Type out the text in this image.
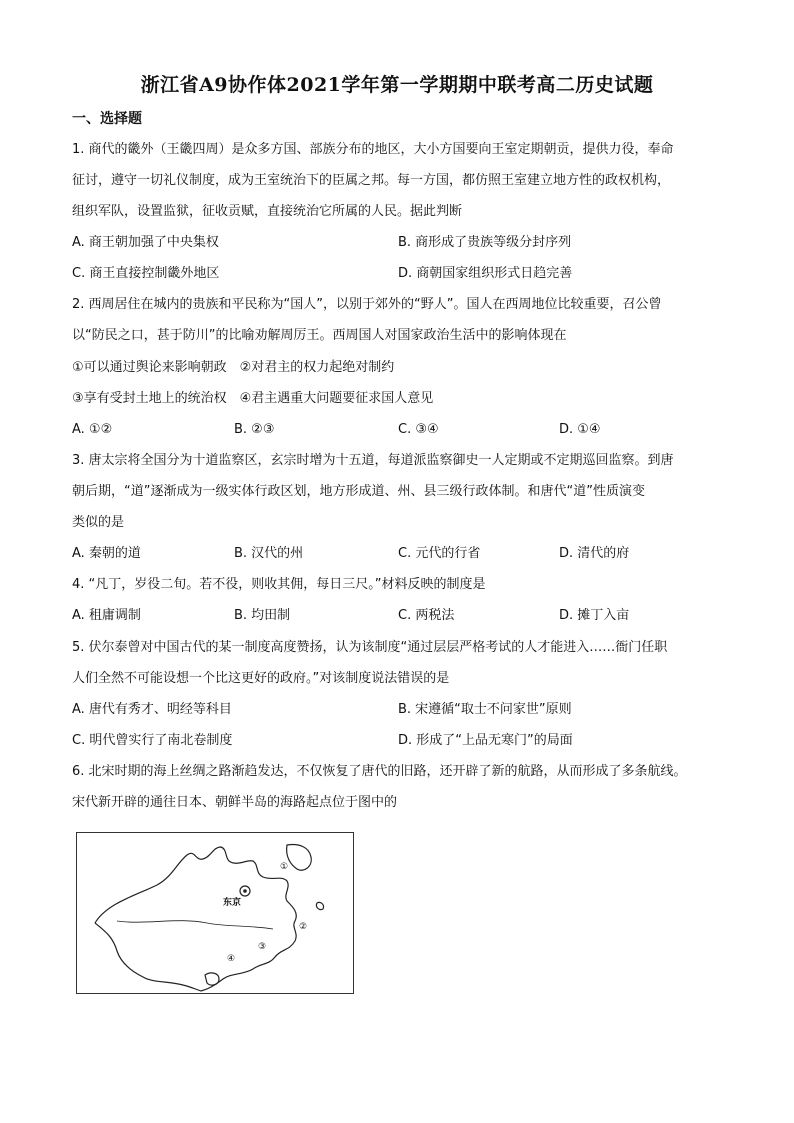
浙江省A9协作体2021学年第一学期期中联考高二历史试题
一、选择题
1. 商代的畿外（王畿四周）是众多方国、部族分布的地区，大小方国要向王室定期朝贡，提供力役，奉命
征讨，遵守一切礼仪制度，成为王室统治下的臣属之邦。每一方国，都仿照王室建立地方性的政权机构，
组织军队，设置监狱，征收贡赋，直接统治它所属的人民。据此判断
A. 商王朝加强了中央集权	B. 商形成了贵族等级分封序列
C. 商王直接控制畿外地区	D. 商朝国家组织形式日趋完善
2. 西周居住在城内的贵族和平民称为“国人”，以别于郊外的“野人”。国人在西周地位比较重要，召公曾
以“防民之口，甚于防川”的比喻劝解周厉王。西周国人对国家政治生活中的影响体现在
①可以通过舆论来影响朝政　②对君主的权力起绝对制约
③享有受封土地上的统治权　④君主遇重大问题要征求国人意见
A. ①②	B. ②③	C. ③④	D. ①④
3. 唐太宗将全国分为十道监察区，玄宗时增为十五道，每道派监察御史一人定期或不定期巡回监察。到唐
朝后期，“道”逐渐成为一级实体行政区划，地方形成道、州、县三级行政体制。和唐代“道”性质演变
类似的是
A. 秦朝的道	B. 汉代的州	C. 元代的行省	D. 清代的府
4. “凡丁，岁役二旬。若不役，则收其佣，每日三尺。”材料反映的制度是
A. 租庸调制	B. 均田制	C. 两税法	D. 摊丁入亩
5. 伏尔泰曾对中国古代的某一制度高度赞扬，认为该制度“通过层层严格考试的人才能进入……衙门任职
人们全然不可能设想一个比这更好的政府。”对该制度说法错误的是
A. 唐代有秀才、明经等科目	B. 宋遵循“取士不问家世”原则
C. 明代曾实行了南北卷制度	D. 形成了“上品无寒门”的局面
6. 北宋时期的海上丝绸之路渐趋发达，不仅恢复了唐代的旧路，还开辟了新的航路，从而形成了多条航线。
宋代新开辟的通往日本、朝鲜半岛的海路起点位于图中的
东京
①
②
③
④
